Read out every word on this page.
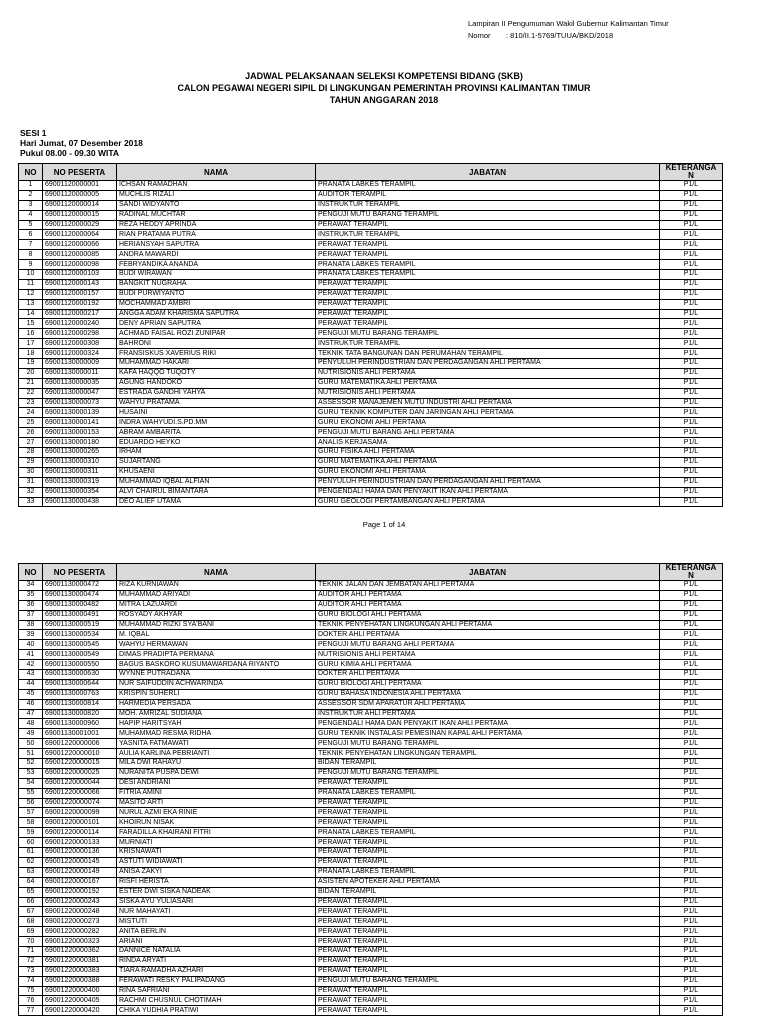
Lampiran II Pengumuman Wakil Gubernur Kalimantan Timur
Nomor : 810/II.1-5769/TUUA/BKD/2018
JADWAL PELAKSANAAN SELEKSI KOMPETENSI BIDANG (SKB)
CALON PEGAWAI NEGERI SIPIL DI LINGKUNGAN PEMERINTAH PROVINSI KALIMANTAN TIMUR
TAHUN ANGGARAN 2018
SESI 1
Hari Jumat, 07 Desember 2018
Pukul 08.00 - 09.30 WITA
NO	NO PESERTA	NAMA	JABATAN	KETERANGA
N
1	69001120000001	ICHSAN RAMADHAN	PRANATA LABKES TERAMPIL	P1/L
2	69001120000005	MUCHLIS RIZALI	AUDITOR TERAMPIL	P1/L
3	69001120000014	SANDI WIDYANTO	INSTRUKTUR TERAMPIL	P1/L
4	69001120000015	RADINAL MUCHTAR	PENGUJI MUTU BARANG TERAMPIL	P1/L
5	69001120000029	REZA HEDDY APRINDA	PERAWAT TERAMPIL	P1/L
6	69001120000064	RIAN PRATAMA PUTRA	INSTRUKTUR TERAMPIL	P1/L
7	69001120000066	HERIANSYAH SAPUTRA	PERAWAT TERAMPIL	P1/L
8	69001120000085	ANDRA MAWARDI	PERAWAT TERAMPIL	P1/L
9	69001120000098	FEBRYANDIKA ANANDA	PRANATA LABKES TERAMPIL	P1/L
10	69001120000103	BUDI WIRAWAN	PRANATA LABKES TERAMPIL	P1/L
11	69001120000143	BANGKIT NUGRAHA	PERAWAT TERAMPIL	P1/L
12	69001120000157	BUDI PURWIYANTO	PERAWAT TERAMPIL	P1/L
13	69001120000192	MOCHAMMAD AMBRI	PERAWAT TERAMPIL	P1/L
14	69001120000217	ANGGA ADAM KHARISMA SAPUTRA	PERAWAT TERAMPIL	P1/L
15	69001120000240	DENY APRIAN SAPUTRA	PERAWAT TERAMPIL	P1/L
16	69001120000298	ACHMAD FAISAL ROZI ZUNIPAR	PENGUJI MUTU BARANG TERAMPIL	P1/L
17	69001120000308	BAHRONI	INSTRUKTUR TERAMPIL	P1/L
18	69001120000324	FRANSISKUS XAVERIUS RIKI	TEKNIK TATA BANGUNAN DAN PERUMAHAN TERAMPIL	P1/L
19	69001130000009	MUHAMMAD HAKARI	PENYULUH PERINDUSTRIAN DAN PERDAGANGAN AHLI PERTAMA	P1/L
20	69001130000011	KAFA HAQQO TUQOTY	NUTRISIONIS AHLI PERTAMA	P1/L
21	69001130000035	AGUNG HANDOKO	GURU MATEMATIKA AHLI PERTAMA	P1/L
22	69001130000047	ESTRADA GANDHI YAHYA	NUTRISIONIS AHLI PERTAMA	P1/L
23	69001130000073	WAHYU PRATAMA	ASSESSOR MANAJEMEN MUTU INDUSTRI AHLI PERTAMA	P1/L
24	69001130000139	HUSAINI	GURU TEKNIK KOMPUTER DAN JARINGAN AHLI PERTAMA	P1/L
25	69001130000141	INDRA WAHYUDI.S.PD.MM	GURU EKONOMI AHLI PERTAMA	P1/L
26	69001130000153	ABRAM AMBARITA	PENGUJI MUTU BARANG AHLI PERTAMA	P1/L
27	69001130000180	EDUARDO HEYKO	ANALIS KERJASAMA	P1/L
28	69001130000265	IRHAM	GURU FISIKA AHLI PERTAMA	P1/L
29	69001130000310	SUJARTANG	GURU MATEMATIKA AHLI PERTAMA	P1/L
30	69001130000311	KHUSAENI	GURU EKONOMI AHLI PERTAMA	P1/L
31	69001130000319	MUHAMMAD IQBAL ALFIAN	PENYULUH PERINDUSTRIAN DAN PERDAGANGAN AHLI PERTAMA	P1/L
32	69001130000354	ALVI CHAIRUL BIMANTARA	PENGENDALI HAMA DAN PENYAKIT IKAN AHLI PERTAMA	P1/L
33	69001130000438	DEO ALIEF UTAMA	GURU GEOLOGI PERTAMBANGAN AHLI PERTAMA	P1/L
Page 1 of 14
NO	NO PESERTA	NAMA	JABATAN	KETERANGA
N
34	69001130000472	RIZA KURNIAWAN	TEKNIK JALAN DAN JEMBATAN AHLI PERTAMA	P1/L
35	69001130000474	MUHAMMAD ARIYADI	AUDITOR AHLI PERTAMA	P1/L
36	69001130000482	MITRA LAZUARDI	AUDITOR AHLI PERTAMA	P1/L
37	69001130000491	ROSYADY AKHYAR	GURU BIOLOGI AHLI PERTAMA	P1/L
38	69001130000519	MUHAMMAD RIZKI SYA'BANI	TEKNIK PENYEHATAN LINGKUNGAN AHLI PERTAMA	P1/L
39	69001130000534	M. IQBAL	DOKTER AHLI PERTAMA	P1/L
40	69001130000545	WAHYU HERMAWAN	PENGUJI MUTU BARANG AHLI PERTAMA	P1/L
41	69001130000549	DIMAS PRADIPTA PERMANA	NUTRISIONIS AHLI PERTAMA	P1/L
42	69001130000550	BAGUS BASKORO KUSUMAWARDANA RIYANTO	GURU KIMIA AHLI PERTAMA	P1/L
43	69001130000630	WYNNE PUTRADANA	DOKTER AHLI PERTAMA	P1/L
44	69001130000644	NUR SAIFUDDIN ACHWARINDA	GURU BIOLOGI AHLI PERTAMA	P1/L
45	69001130000763	KRISPIN SUHERLI	GURU BAHASA INDONESIA AHLI PERTAMA	P1/L
46	69001130000814	HARMEDIA PERSADA	ASSESSOR SDM APARATUR AHLI PERTAMA	P1/L
47	69001130000820	MOH. AMRIZAL SUDIANA	INSTRUKTUR AHLI PERTAMA	P1/L
48	69001130000960	HAPIP HARITSYAH	PENGENDALI HAMA DAN PENYAKIT IKAN AHLI PERTAMA	P1/L
49	69001130001001	MUHAMMAD RESMA RIDHA	GURU TEKNIK INSTALASI PEMESINAN KAPAL AHLI PERTAMA	P1/L
50	69001220000006	YASNITA FATMAWATI	PENGUJI MUTU BARANG TERAMPIL	P1/L
51	69001220000010	AULIA KARLINA PEBRIANTI	TEKNIK PENYEHATAN LINGKUNGAN TERAMPIL	P1/L
52	69001220000015	MILA DWI RAHAYU	BIDAN TERAMPIL	P1/L
53	69001220000025	NURANITA PUSPA DEWI	PENGUJI MUTU BARANG TERAMPIL	P1/L
54	69001220000044	DESI ANDRIANI	PERAWAT TERAMPIL	P1/L
55	69001220000066	FITRIA AMINI	PRANATA LABKES TERAMPIL	P1/L
56	69001220000074	MASITO ARTI	PERAWAT TERAMPIL	P1/L
57	69001220000099	NURUL AZMI EKA RINIE	PERAWAT TERAMPIL	P1/L
58	69001220000101	KHOIRUN NISAK	PERAWAT TERAMPIL	P1/L
59	69001220000114	FARADILLA KHAIRANI FITRI	PRANATA LABKES TERAMPIL	P1/L
60	69001220000133	MURNIATI	PERAWAT TERAMPIL	P1/L
61	69001220000136	KRISNAWATI	PERAWAT TERAMPIL	P1/L
62	69001220000145	ASTUTI WIDIAWATI	PERAWAT TERAMPIL	P1/L
63	69001220000149	ANISA ZAKYI	PRANATA LABKES TERAMPIL	P1/L
64	69001220000167	RISFI HERISTA	ASISTEN APOTEKER AHLI PERTAMA	P1/L
65	69001220000192	ESTER DWI SISKA NADEAK	BIDAN TERAMPIL	P1/L
66	69001220000243	SISKA AYU YULIASARI	PERAWAT TERAMPIL	P1/L
67	69001220000248	NUR MAHAYATI	PERAWAT TERAMPIL	P1/L
68	69001220000273	MISTUTI	PERAWAT TERAMPIL	P1/L
69	69001220000282	ANITA BERLIN	PERAWAT TERAMPIL	P1/L
70	69001220000323	ARIANI	PERAWAT TERAMPIL	P1/L
71	69001220000362	DANNICE NATALIA	PERAWAT TERAMPIL	P1/L
72	69001220000381	RINDA ARYATI	PERAWAT TERAMPIL	P1/L
73	69001220000383	TIARA RAMADHA AZHARI	PERAWAT TERAMPIL	P1/L
74	69001220000388	FERAWATI RESKY PALIPADANG	PENGUJI MUTU BARANG TERAMPIL	P1/L
75	69001220000400	RINA SAFRIANI	PERAWAT TERAMPIL	P1/L
76	69001220000405	RACHMI CHUSNUL CHOTIMAH	PERAWAT TERAMPIL	P1/L
77	69001220000420	CHIKA YUDHIA PRATIWI	PERAWAT TERAMPIL	P1/L
